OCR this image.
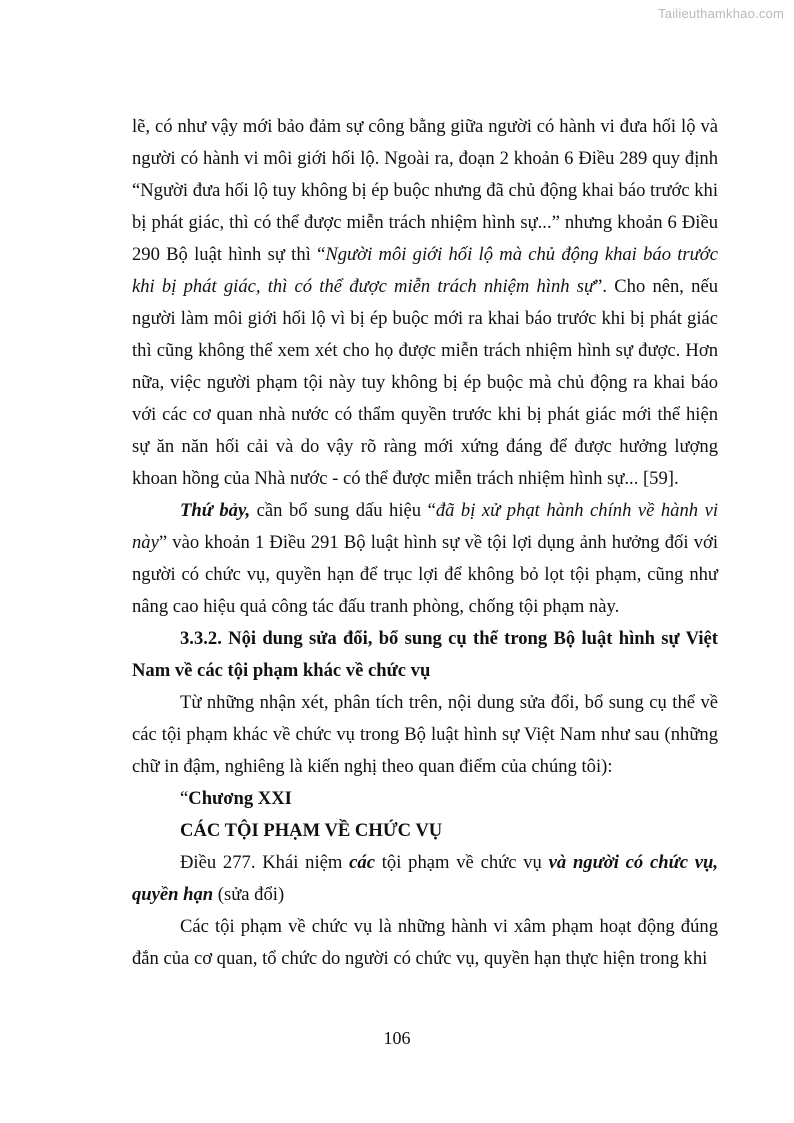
Tailieuthamkhao.com

lẽ, có như vậy mới bảo đảm sự công bằng giữa người có hành vi đưa hối lộ và người có hành vi môi giới hối lộ. Ngoài ra, đoạn 2 khoản 6 Điều 289 quy định “Người đưa hối lộ tuy không bị ép buộc nhưng đã chủ động khai báo trước khi bị phát giác, thì có thể được miễn trách nhiệm hình sự...” nhưng khoản 6 Điều 290 Bộ luật hình sự thì “Người môi giới hối lộ mà chủ động khai báo trước khi bị phát giác, thì có thể được miễn trách nhiệm hình sự”. Cho nên, nếu người làm môi giới hối lộ vì bị ép buộc mới ra khai báo trước khi bị phát giác thì cũng không thể xem xét cho họ được miễn trách nhiệm hình sự được. Hơn nữa, việc người phạm tội này tuy không bị ép buộc mà chủ động ra khai báo với các cơ quan nhà nước có thẩm quyền trước khi bị phát giác mới thể hiện sự ăn năn hối cải và do vậy rõ ràng mới xứng đáng để được hưởng lượng khoan hồng của Nhà nước - có thể được miễn trách nhiệm hình sự... [59].

Thứ bảy, cần bổ sung dấu hiệu “đã bị xử phạt hành chính về hành vi này” vào khoản 1 Điều 291 Bộ luật hình sự về tội lợi dụng ảnh hưởng đối với người có chức vụ, quyền hạn để trục lợi để không bỏ lọt tội phạm, cũng như nâng cao hiệu quả công tác đấu tranh phòng, chống tội phạm này.

3.3.2. Nội dung sửa đổi, bổ sung cụ thể trong Bộ luật hình sự Việt Nam về các tội phạm khác về chức vụ

Từ những nhận xét, phân tích trên, nội dung sửa đổi, bổ sung cụ thể về các tội phạm khác về chức vụ trong Bộ luật hình sự Việt Nam như sau (những chữ in đậm, nghiêng là kiến nghị theo quan điểm của chúng tôi):

“Chương XXI

CÁC TỘI PHẠM VỀ CHỨC VỤ

Điều 277. Khái niệm các tội phạm về chức vụ và người có chức vụ, quyền hạn (sửa đổi)

Các tội phạm về chức vụ là những hành vi xâm phạm hoạt động đúng đắn của cơ quan, tổ chức do người có chức vụ, quyền hạn thực hiện trong khi

106
